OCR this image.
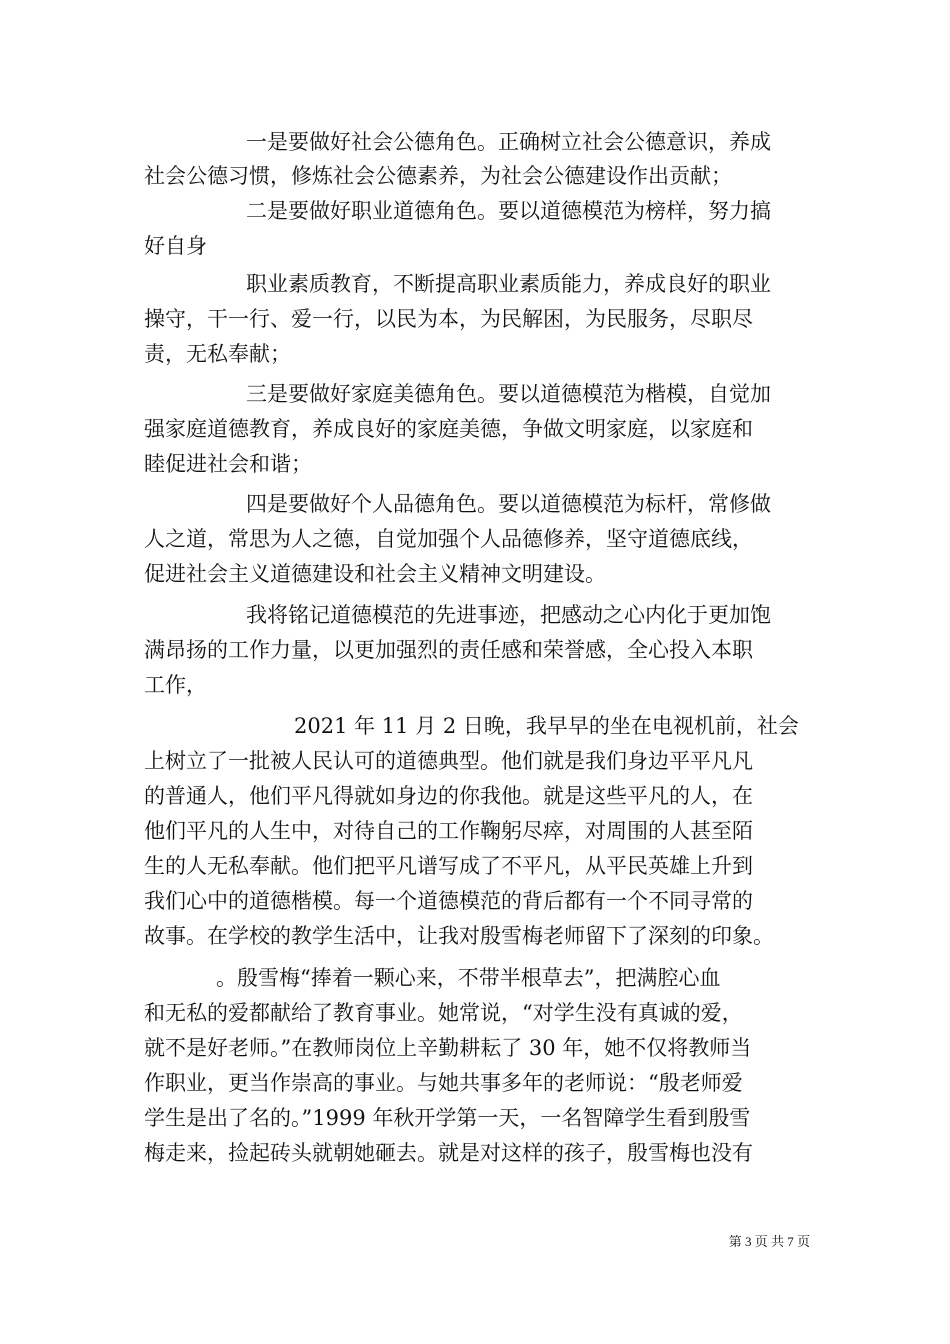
一是要做好社会公德角色。正确树立社会公德意识，养成
社会公德习惯，修炼社会公德素养，为社会公德建设作出贡献；
二是要做好职业道德角色。要以道德模范为榜样，努力搞
好自身
职业素质教育，不断提高职业素质能力，养成良好的职业
操守，干一行、爱一行，以民为本，为民解困，为民服务，尽职尽
责，无私奉献；
三是要做好家庭美德角色。要以道德模范为楷模，自觉加
强家庭道德教育，养成良好的家庭美德，争做文明家庭，以家庭和
睦促进社会和谐；
四是要做好个人品德角色。要以道德模范为标杆，常修做
人之道，常思为人之德，自觉加强个人品德修养，坚守道德底线，
促进社会主义道德建设和社会主义精神文明建设。
我将铭记道德模范的先进事迹，把感动之心内化于更加饱
满昂扬的工作力量，以更加强烈的责任感和荣誉感，全心投入本职
工作，
2021 年 11 月 2 日晚，我早早的坐在电视机前，社会
上树立了一批被人民认可的道德典型。他们就是我们身边平平凡凡
的普通人，他们平凡得就如身边的你我他。就是这些平凡的人，在
他们平凡的人生中，对待自己的工作鞠躬尽瘁，对周围的人甚至陌
生的人无私奉献。他们把平凡谱写成了不平凡，从平民英雄上升到
我们心中的道德楷模。每一个道德模范的背后都有一个不同寻常的
故事。在学校的教学生活中，让我对殷雪梅老师留下了深刻的印象。
。殷雪梅“捧着一颗心来，不带半根草去”，把满腔心血
和无私的爱都献给了教育事业。她常说，“对学生没有真诚的爱，
就不是好老师。”在教师岗位上辛勤耕耘了 30 年，她不仅将教师当
作职业，更当作崇高的事业。与她共事多年的老师说：“殷老师爱
学生是出了名的。”1999 年秋开学第一天，一名智障学生看到殷雪
梅走来，捡起砖头就朝她砸去。就是对这样的孩子，殷雪梅也没有
第 3 页 共 7 页
